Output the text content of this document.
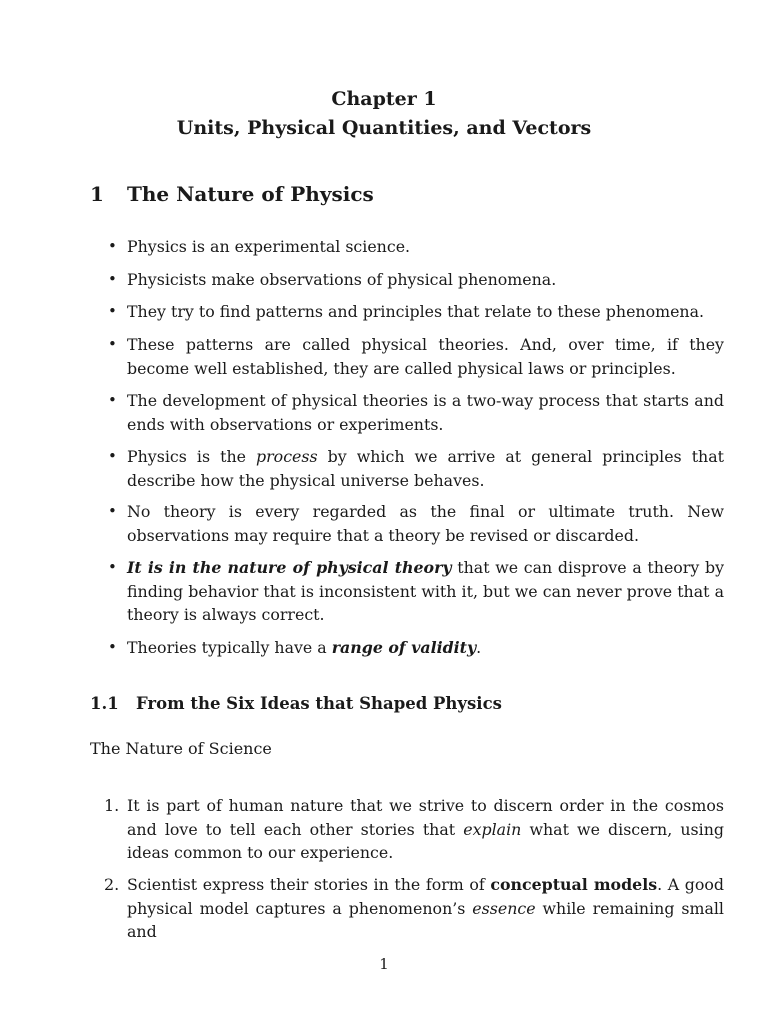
Chapter 1
Units, Physical Quantities, and Vectors
1 The Nature of Physics
• Physics is an experimental science.
• Physicists make observations of physical phenomena.
• They try to find patterns and principles that relate to these phenomena.
• These patterns are called physical theories. And, over time, if they become well established, they are called physical laws or principles.
• The development of physical theories is a two-way process that starts and ends with observations or experiments.
• Physics is the process by which we arrive at general principles that describe how the physical universe behaves.
• No theory is every regarded as the final or ultimate truth. New observations may require that a theory be revised or discarded.
• It is in the nature of physical theory that we can disprove a theory by finding behavior that is inconsistent with it, but we can never prove that a theory is always correct.
• Theories typically have a range of validity.
1.1 From the Six Ideas that Shaped Physics
The Nature of Science
1. It is part of human nature that we strive to discern order in the cosmos and love to tell each other stories that explain what we discern, using ideas common to our experience.
2. Scientist express their stories in the form of conceptual models. A good physical model captures a phenomenon’s essence while remaining small and
1
